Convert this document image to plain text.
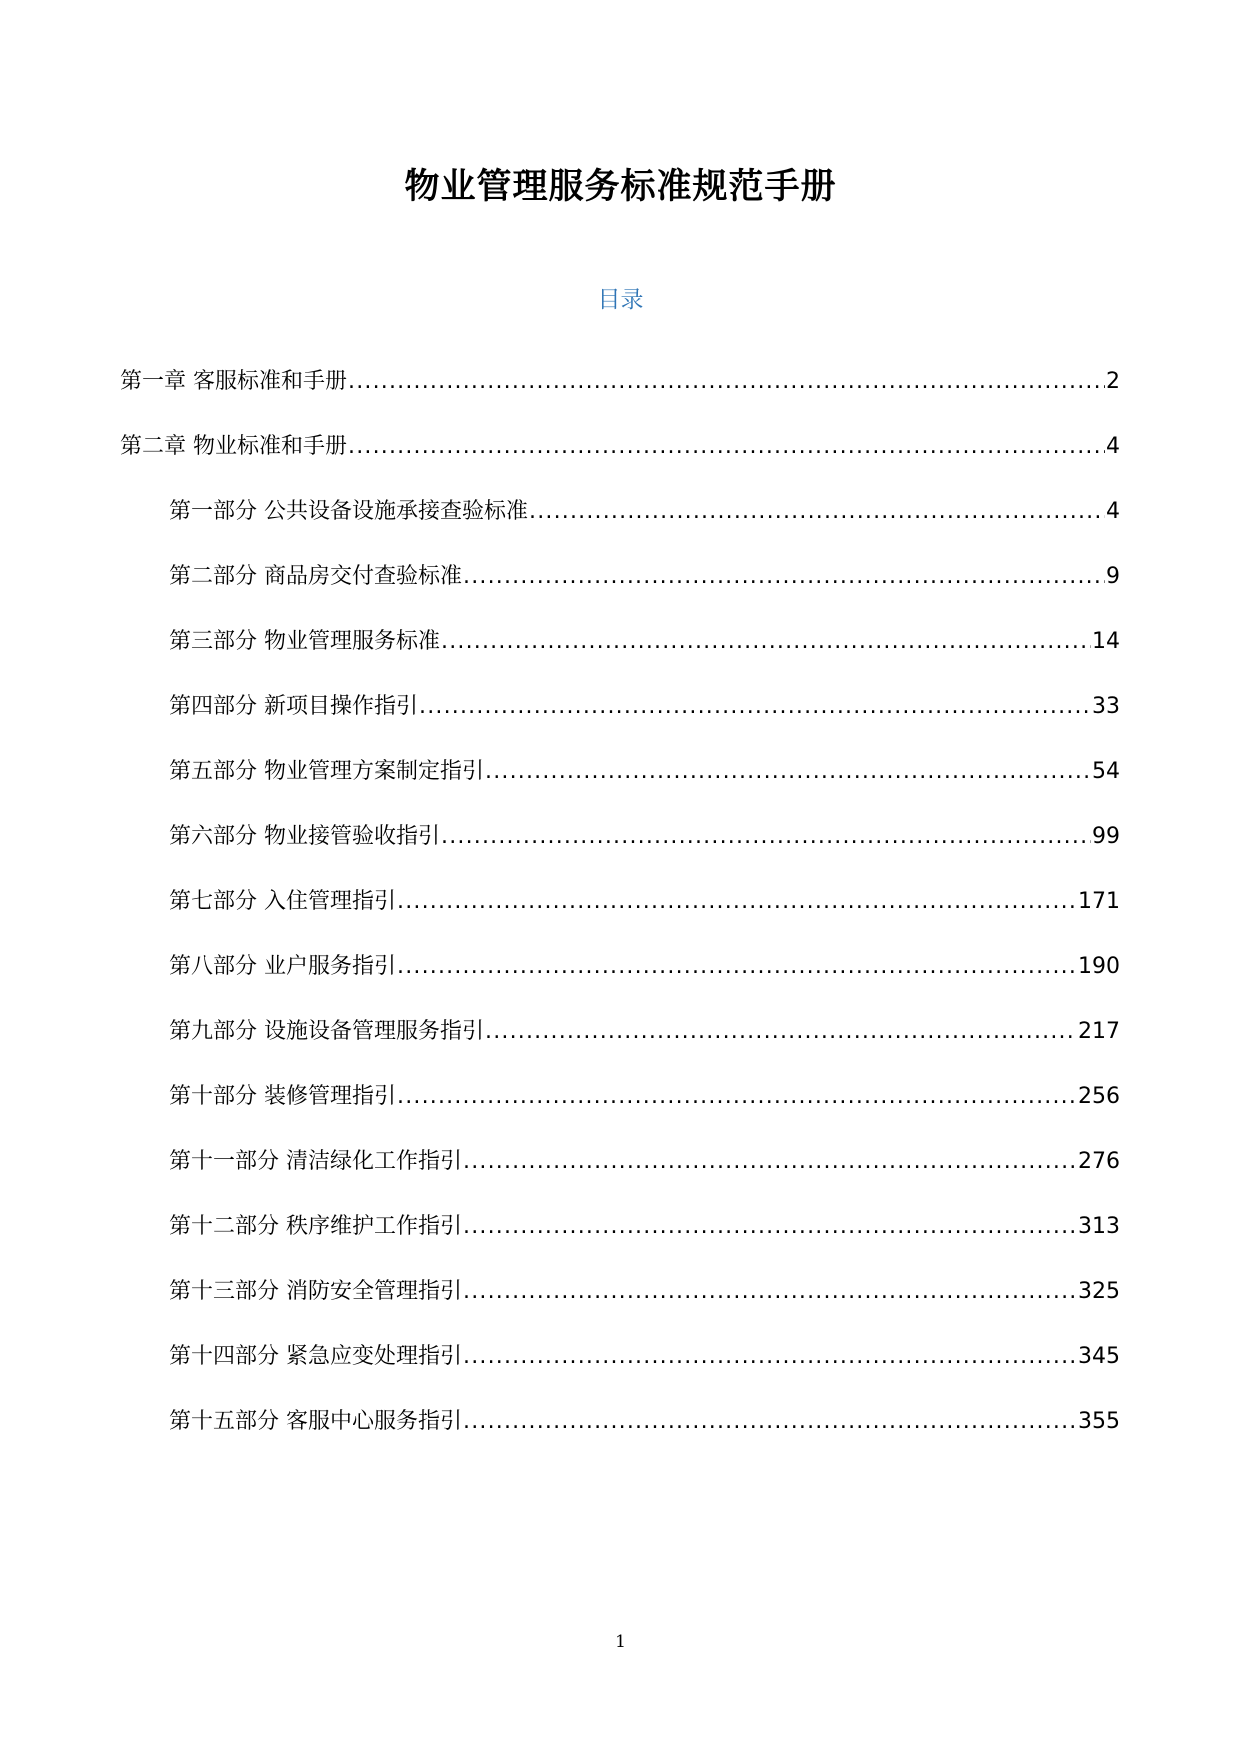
物业管理服务标准规范手册
目录
第一章 客服标准和手册 .....	2
第二章 物业标准和手册 .....	4
第一部分 公共设备设施承接查验标准 .....	4
第二部分 商品房交付查验标准 .....	9
第三部分 物业管理服务标准 .....	14
第四部分 新项目操作指引 .....	33
第五部分 物业管理方案制定指引 .....	54
第六部分 物业接管验收指引 .....	99
第七部分 入住管理指引 .....	171
第八部分 业户服务指引 .....	190
第九部分 设施设备管理服务指引 .....	217
第十部分 装修管理指引 .....	256
第十一部分 清洁绿化工作指引 .....	276
第十二部分 秩序维护工作指引 .....	313
第十三部分 消防安全管理指引 .....	325
第十四部分 紧急应变处理指引 .....	345
第十五部分 客服中心服务指引 .....	355
1
